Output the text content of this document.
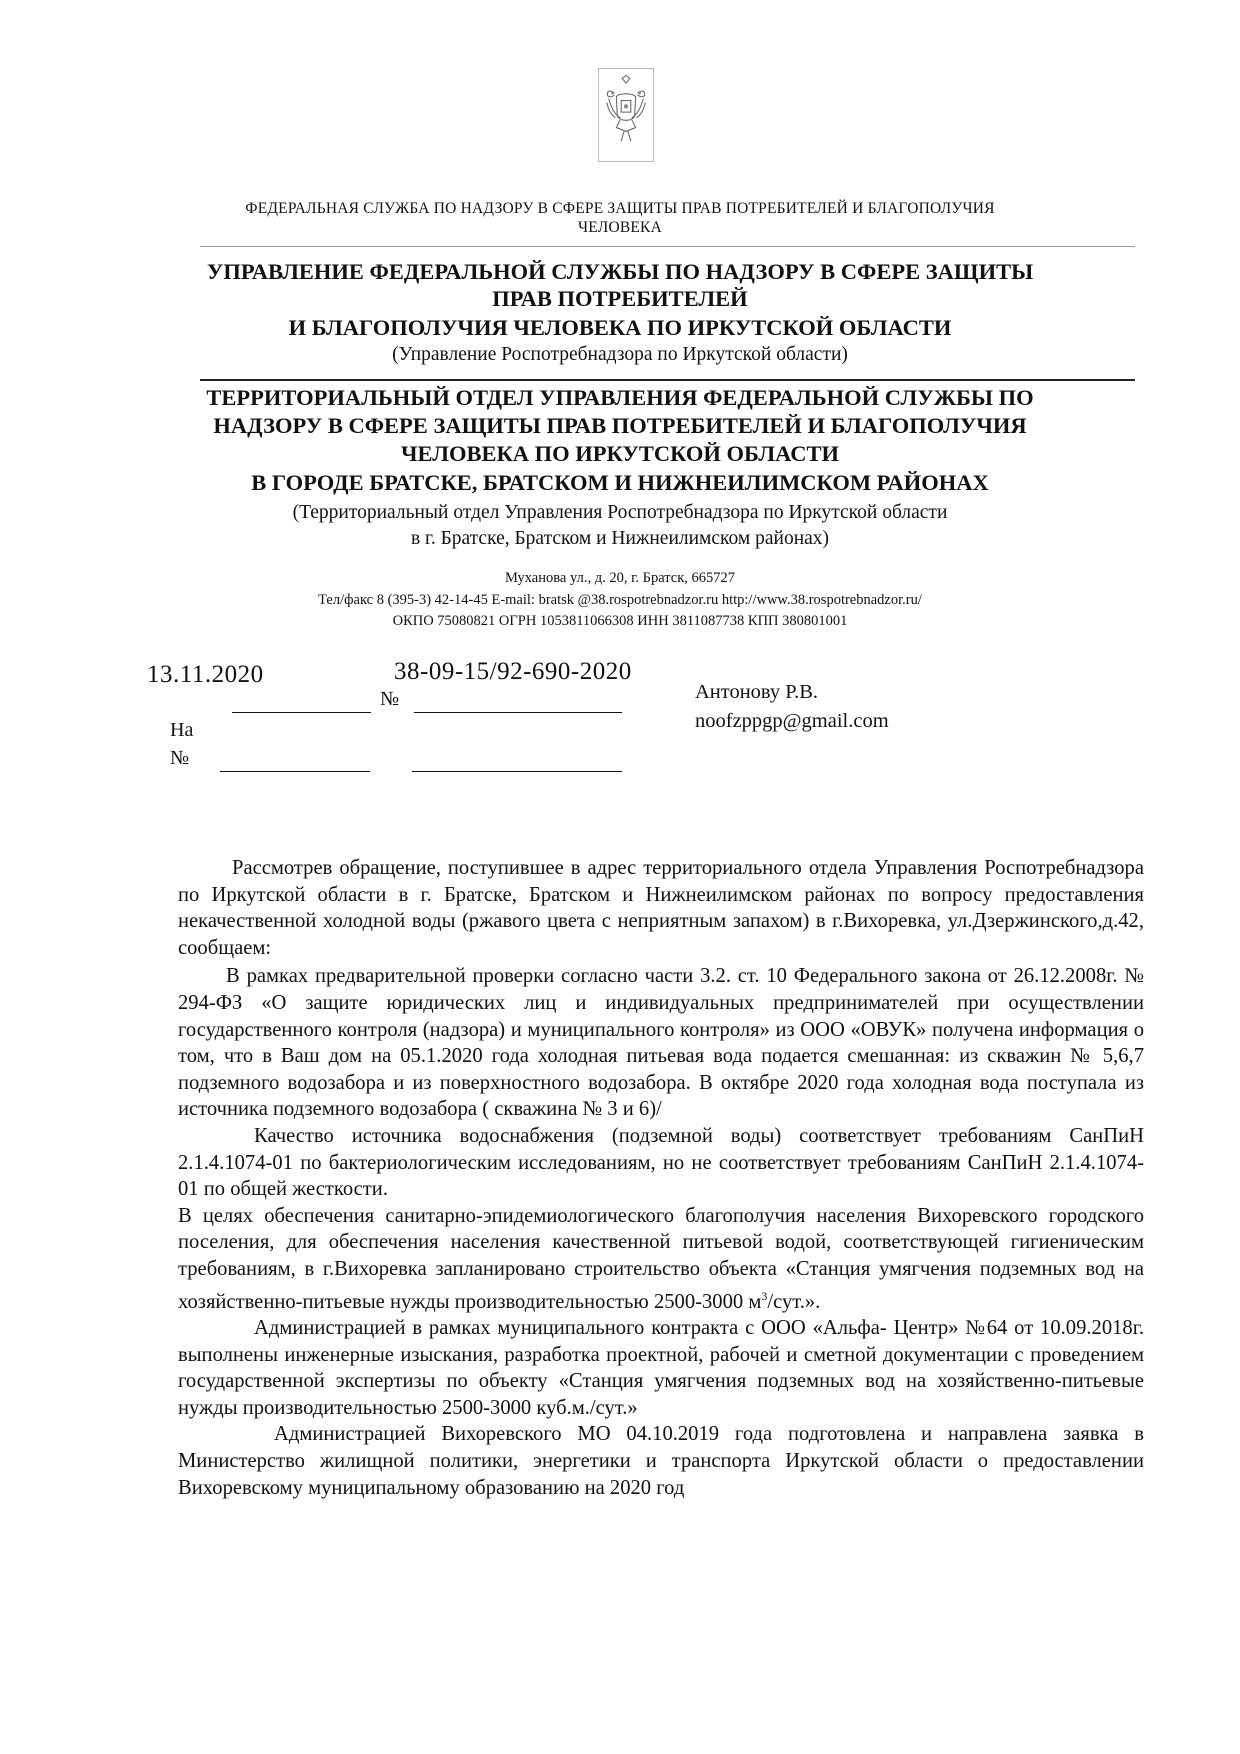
ФЕДЕРАЛЬНАЯ СЛУЖБА ПО НАДЗОРУ В СФЕРЕ ЗАЩИТЫ ПРАВ ПОТРЕБИТЕЛЕЙ И БЛАГОПОЛУЧИЯ
ЧЕЛОВЕКА
УПРАВЛЕНИЕ ФЕДЕРАЛЬНОЙ СЛУЖБЫ ПО НАДЗОРУ В СФЕРЕ ЗАЩИТЫ
ПРАВ ПОТРЕБИТЕЛЕЙ
И БЛАГОПОЛУЧИЯ ЧЕЛОВЕКА ПО ИРКУТСКОЙ ОБЛАСТИ
(Управление Роспотребнадзора по Иркутской области)
ТЕРРИТОРИАЛЬНЫЙ ОТДЕЛ УПРАВЛЕНИЯ ФЕДЕРАЛЬНОЙ СЛУЖБЫ ПО
НАДЗОРУ В СФЕРЕ ЗАЩИТЫ ПРАВ ПОТРЕБИТЕЛЕЙ И БЛАГОПОЛУЧИЯ
ЧЕЛОВЕКА ПО ИРКУТСКОЙ ОБЛАСТИ
В ГОРОДЕ БРАТСКЕ, БРАТСКОМ И НИЖНЕИЛИМСКОМ РАЙОНАХ
(Территориальный отдел Управления Роспотребнадзора по Иркутской области
в г. Братске, Братском и Нижнеилимском районах)
Муханова ул., д. 20, г. Братск, 665727
Тел/факс 8 (395-3) 42-14-45 E-mail: bratsk @38.rospotrebnadzor.ru http://www.38.rospotrebnadzor.ru/
ОКПО 75080821 ОГРН 1053811066308 ИНН 3811087738 КПП 380801001
13.11.2020	38-09-15/92-690-2020
№
На
№
Антонову Р.В.
noofzppgp@gmail.com

Рассмотрев обращение, поступившее в адрес территориального отдела Управления Роспотребнадзора по Иркутской области в г. Братске, Братском и Нижнеилимском районах по вопросу предоставления некачественной холодной воды (ржавого цвета с неприятным запахом) в г.Вихоревка, ул.Дзержинского,д.42, сообщаем:

В рамках предварительной проверки согласно части 3.2. ст. 10 Федерального закона от 26.12.2008г. № 294-ФЗ «О защите юридических лиц и индивидуальных предпринимателей при осуществлении государственного контроля (надзора) и муниципального контроля» из ООО «ОВУК» получена информация о том, что в Ваш дом на 05.1.2020 года холодная питьевая вода подается смешанная: из скважин № 5,6,7 подземного водозабора и из поверхностного водозабора. В октябре 2020 года холодная вода поступала из источника подземного водозабора ( скважина № 3 и 6)/

Качество источника водоснабжения (подземной воды) соответствует требованиям СанПиН 2.1.4.1074-01 по бактериологическим исследованиям, но не соответствует требованиям СанПиН 2.1.4.1074-01 по общей жесткости.

В целях обеспечения санитарно-эпидемиологического благополучия населения Вихоревского городского поселения, для обеспечения населения качественной питьевой водой, соответствующей гигиеническим требованиям, в г.Вихоревка запланировано строительство объекта «Станция умягчения подземных вод на хозяйственно-питьевые нужды производительностью 2500-3000 $м^3$/сут.».

Администрацией в рамках муниципального контракта с ООО «Альфа- Центр» №64 от 10.09.2018г. выполнены инженерные изыскания, разработка проектной, рабочей и сметной документации с проведением государственной экспертизы по объекту «Станция умягчения подземных вод на хозяйственно-питьевые нужды производительностью 2500-3000 куб.м./сут.»

Администрацией Вихоревского МО 04.10.2019 года подготовлена и направлена заявка в Министерство жилищной политики, энергетики и транспорта Иркутской области о предоставлении Вихоревскому муниципальному образованию на 2020 год
